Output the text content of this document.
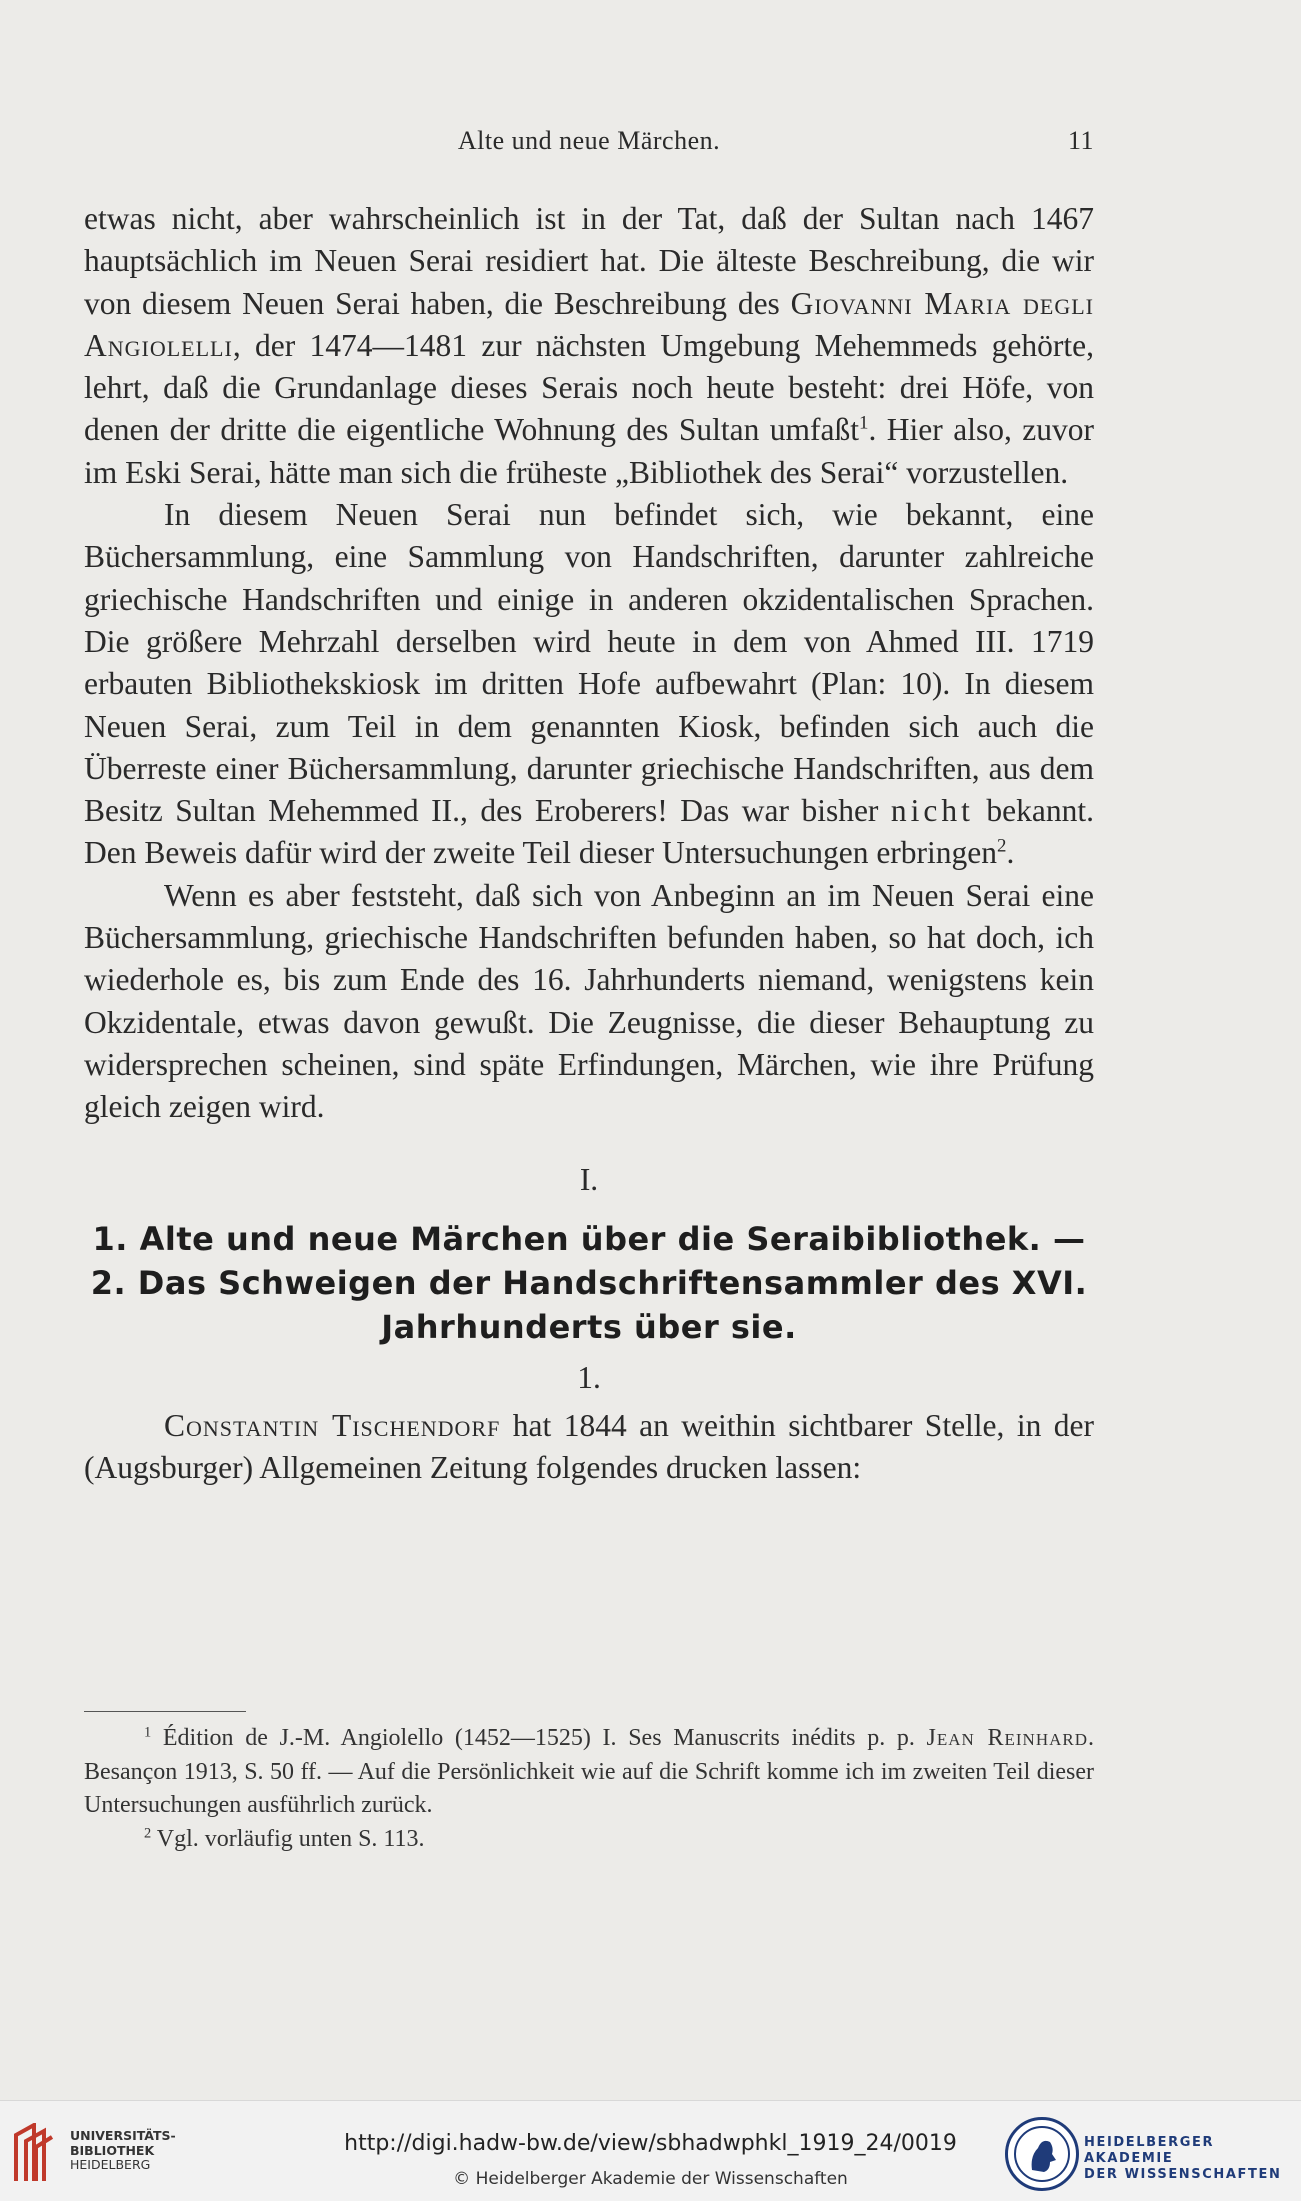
Alte und neue Märchen.	11

etwas nicht, aber wahrscheinlich ist in der Tat, daß der Sultan nach 1467 hauptsächlich im Neuen Serai residiert hat. Die älteste Beschreibung, die wir von diesem Neuen Serai haben, die Beschreibung des Giovanni Maria degli Angiolelli, der 1474—1481 zur nächsten Umgebung Mehemmeds gehörte, lehrt, daß die Grundanlage dieses Serais noch heute besteht: drei Höfe, von denen der dritte die eigentliche Wohnung des Sultan umfaßt$^1$. Hier also, zuvor im Eski Serai, hätte man sich die früheste „Bibliothek des Serai“ vorzustellen.

In diesem Neuen Serai nun befindet sich, wie bekannt, eine Büchersammlung, eine Sammlung von Handschriften, darunter zahlreiche griechische Handschriften und einige in anderen okzidentalischen Sprachen. Die größere Mehrzahl derselben wird heute in dem von Ahmed III. 1719 erbauten Bibliothekskiosk im dritten Hofe aufbewahrt (Plan: 10). In diesem Neuen Serai, zum Teil in dem genannten Kiosk, befinden sich auch die Überreste einer Büchersammlung, darunter griechische Handschriften, aus dem Besitz Sultan Mehemmed II., des Eroberers! Das war bisher nicht bekannt. Den Beweis dafür wird der zweite Teil dieser Untersuchungen erbringen$^2$.

Wenn es aber feststeht, daß sich von Anbeginn an im Neuen Serai eine Büchersammlung, griechische Handschriften befunden haben, so hat doch, ich wiederhole es, bis zum Ende des 16. Jahrhunderts niemand, wenigstens kein Okzidentale, etwas davon gewußt. Die Zeugnisse, die dieser Behauptung zu widersprechen scheinen, sind späte Erfindungen, Märchen, wie ihre Prüfung gleich zeigen wird.

I.

1. Alte und neue Märchen über die Seraibibliothek. —
2. Das Schweigen der Handschriftensammler des XVI. Jahrhunderts über sie.

1.

Constantin Tischendorf hat 1844 an weithin sichtbarer Stelle, in der (Augsburger) Allgemeinen Zeitung folgendes drucken lassen:

$^1$ Édition de J.-M. Angiolello (1452—1525) I. Ses Manuscrits inédits p. p. Jean Reinhard. Besançon 1913, S. 50 ff. — Auf die Persönlichkeit wie auf die Schrift komme ich im zweiten Teil dieser Untersuchungen ausführlich zurück.

$^2$ Vgl. vorläufig unten S. 113.

UNIVERSITÄTS-
BIBLIOTHEK
HEIDELBERG
http://digi.hadw-bw.de/view/sbhadwphkl_1919_24/0019
© Heidelberger Akademie der Wissenschaften
HEIDELBERGER AKADEMIE
DER WISSENSCHAFTEN
